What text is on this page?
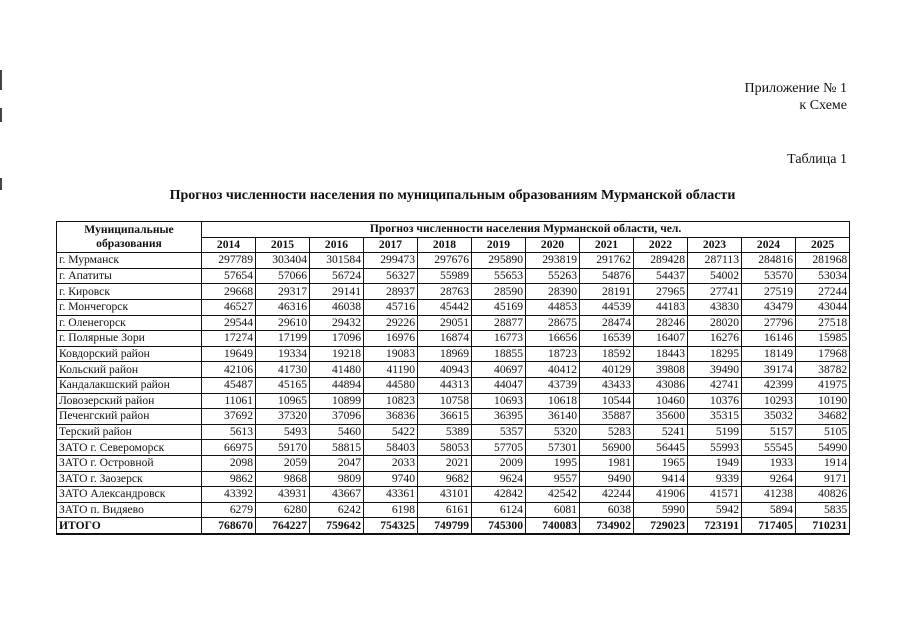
Приложение № 1
к Схеме
Таблица 1
Прогноз численности населения по муниципальным образованиям Мурманской области
Муниципальные
образования	Прогноз численности населения Мурманской области, чел.											
	2014	2015	2016	2017	2018	2019	2020	2021	2022	2023	2024	2025
г. Мурманск	297789	303404	301584	299473	297676	295890	293819	291762	289428	287113	284816	281968
г. Апатиты	57654	57066	56724	56327	55989	55653	55263	54876	54437	54002	53570	53034
г. Кировск	29668	29317	29141	28937	28763	28590	28390	28191	27965	27741	27519	27244
г. Мончегорск	46527	46316	46038	45716	45442	45169	44853	44539	44183	43830	43479	43044
г. Оленегорск	29544	29610	29432	29226	29051	28877	28675	28474	28246	28020	27796	27518
г. Полярные Зори	17274	17199	17096	16976	16874	16773	16656	16539	16407	16276	16146	15985
Ковдорский район	19649	19334	19218	19083	18969	18855	18723	18592	18443	18295	18149	17968
Кольский район	42106	41730	41480	41190	40943	40697	40412	40129	39808	39490	39174	38782
Кандалакшский район	45487	45165	44894	44580	44313	44047	43739	43433	43086	42741	42399	41975
Ловозерский район	11061	10965	10899	10823	10758	10693	10618	10544	10460	10376	10293	10190
Печенгский район	37692	37320	37096	36836	36615	36395	36140	35887	35600	35315	35032	34682
Терский район	5613	5493	5460	5422	5389	5357	5320	5283	5241	5199	5157	5105
ЗАТО г. Североморск	66975	59170	58815	58403	58053	57705	57301	56900	56445	55993	55545	54990
ЗАТО г. Островной	2098	2059	2047	2033	2021	2009	1995	1981	1965	1949	1933	1914
ЗАТО г. Заозерск	9862	9868	9809	9740	9682	9624	9557	9490	9414	9339	9264	9171
ЗАТО Александровск	43392	43931	43667	43361	43101	42842	42542	42244	41906	41571	41238	40826
ЗАТО п. Видяево	6279	6280	6242	6198	6161	6124	6081	6038	5990	5942	5894	5835
ИТОГО	768670	764227	759642	754325	749799	745300	740083	734902	729023	723191	717405	710231
